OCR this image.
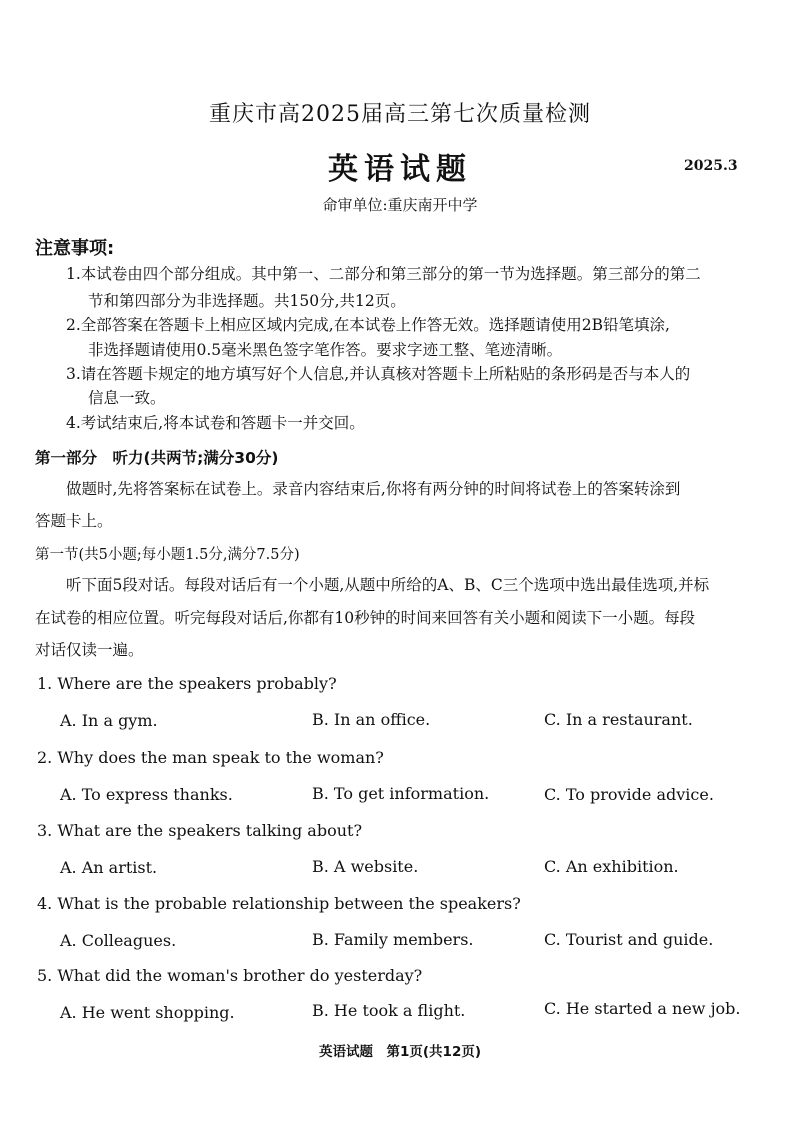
重庆市高2025届高三第七次质量检测
英语试题	2025.3
命审单位:重庆南开中学
注意事项:
1.本试卷由四个部分组成。其中第一、二部分和第三部分的第一节为选择题。第三部分的第二
节和第四部分为非选择题。共150分,共12页。
2.全部答案在答题卡上相应区域内完成,在本试卷上作答无效。选择题请使用2B铅笔填涂,
非选择题请使用0.5毫米黑色签字笔作答。要求字迹工整、笔迹清晰。
3.请在答题卡规定的地方填写好个人信息,并认真核对答题卡上所粘贴的条形码是否与本人的
信息一致。
4.考试结束后,将本试卷和答题卡一并交回。
第一部分　听力(共两节;满分30分)
做题时,先将答案标在试卷上。录音内容结束后,你将有两分钟的时间将试卷上的答案转涂到
答题卡上。
第一节(共5小题;每小题1.5分,满分7.5分)
听下面5段对话。每段对话后有一个小题,从题中所给的A、B、C三个选项中选出最佳选项,并标
在试卷的相应位置。听完每段对话后,你都有10秒钟的时间来回答有关小题和阅读下一小题。每段
对话仅读一遍。
1. Where are the speakers probably?
A. In a gym.	B. In an office.	C. In a restaurant.
2. Why does the man speak to the woman?
A. To express thanks.	B. To get information.	C. To provide advice.
3. What are the speakers talking about?
A. An artist.	B. A website.	C. An exhibition.
4. What is the probable relationship between the speakers?
A. Colleagues.	B. Family members.	C. Tourist and guide.
5. What did the woman's brother do yesterday?
A. He went shopping.	B. He took a flight.	C. He started a new job.
英语试题　第1页(共12页)
